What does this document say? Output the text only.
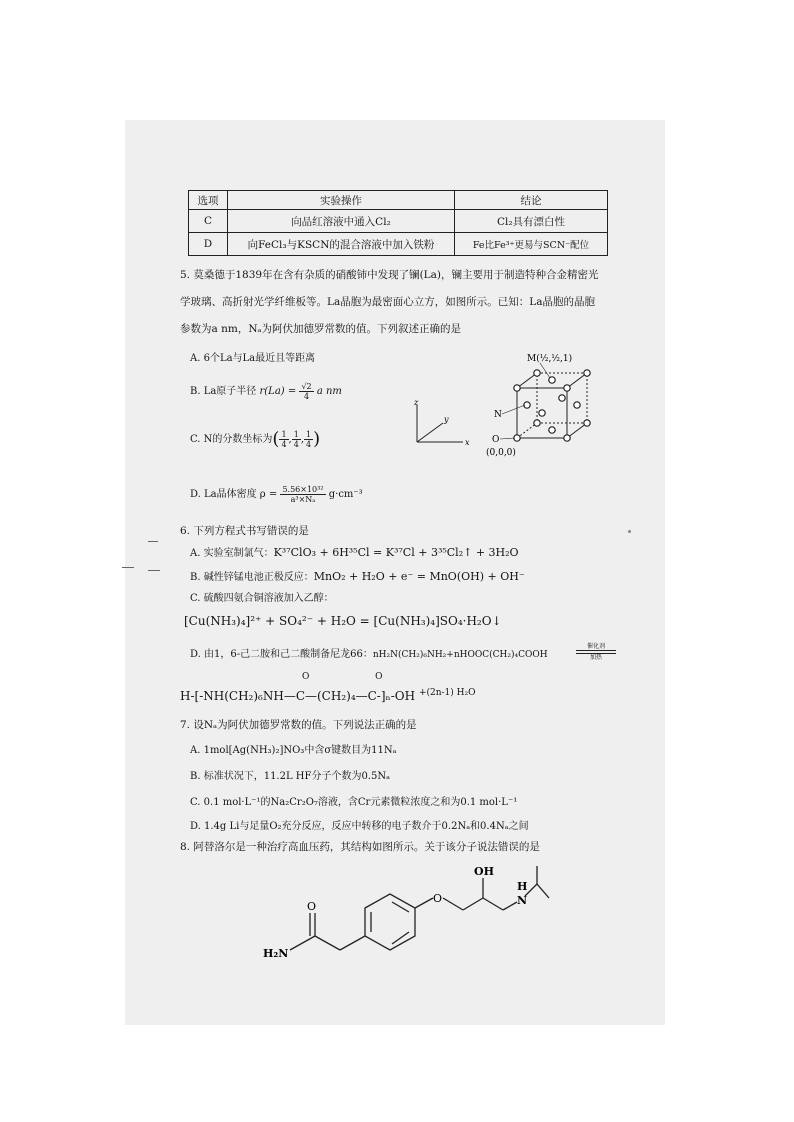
选项	实验操作	结论
C	向品红溶液中通入Cl₂	Cl₂具有漂白性
D	向FeCl₃与KSCN的混合溶液中加入铁粉	Fe比Fe³⁺更易与SCN⁻配位
5. 莫桑德于1839年在含有杂质的硝酸铈中发现了镧(La)，镧主要用于制造特种合金精密光
学玻璃、高折射光学纤维板等。La晶胞为最密面心立方，如图所示。已知：La晶胞的晶胞
参数为a nm，Nₐ为阿伏加德罗常数的值。下列叙述正确的是
A. 6个La与La最近且等距离
B. La原子半径 $r(La) = \frac{√2}{4}$ a nm
C. N的分数坐标为( $\frac{1}{4}$ , $\frac{1}{4}$ , $\frac{1}{4}$ )
D. La晶体密度 $\rho = \frac{\text{5.56×10³²}}{\text{a³×Nₐ}} g\cdot cm^{-3}$
z
x
y
M(½,½,1)
N
O
(0,0,0)
6. 下列方程式书写错误的是
A. 实验室制氯气：K³⁷ClO₃ + 6H³⁵Cl = K³⁷Cl + 3³⁵Cl₂↑ + 3H₂O
B. 碱性锌锰电池正极反应：MnO₂ + H₂O + e⁻ = MnO(OH) + OH⁻
C. 硫酸四氨合铜溶液加入乙醇：
[Cu(NH₃)₄]²⁺ + SO₄²⁻ + H₂O = [Cu(NH₃)₄]SO₄·H₂O↓
D. 由1，6-己二胺和己二酸制备尼龙66：nH₂N(CH₂)₆NH₂+nHOOC(CH₂)₄COOH
催化剂
加热
O	O
H-[-NH(CH₂)₆NH—C—(CH₂)₄—C-]ₙ-OH $^{+(2n-1) H_2O}$
7. 设Nₐ为阿伏加德罗常数的值。下列说法正确的是
A. 1mol[Ag(NH₃)₂]NO₃中含σ键数目为11Nₐ
B. 标准状况下，11.2L HF分子个数为0.5Nₐ
C. 0.1 mol·L⁻¹的Na₂Cr₂O₇溶液，含Cr元素微粒浓度之和为0.1 mol·L⁻¹
D. 1.4g Li与足量O₂充分反应，反应中转移的电子数介于0.2Nₐ和0.4Nₐ之间
8. 阿替洛尔是一种治疗高血压药，其结构如图所示。关于该分子说法错误的是
O
H₂N
O
OH
N
H
